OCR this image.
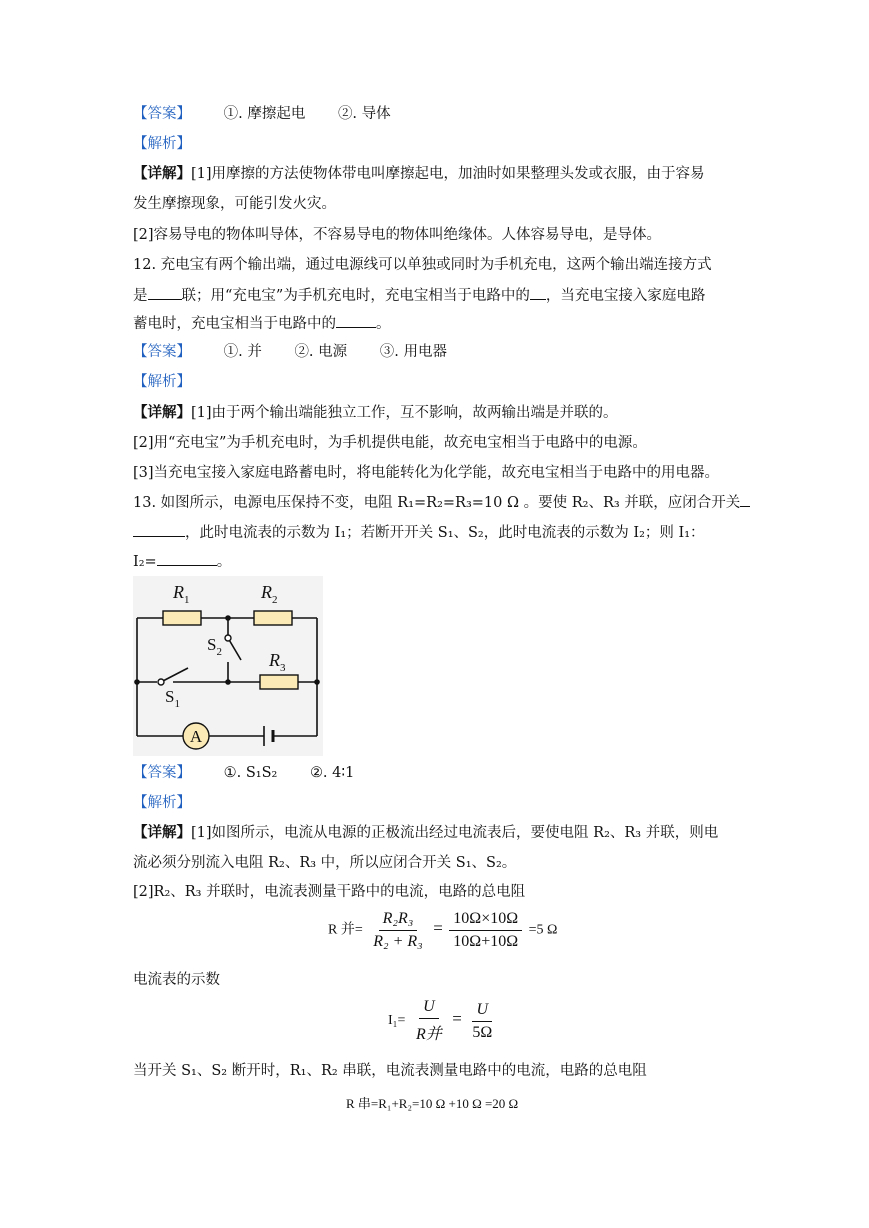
【答案】 ①. 摩擦起电 ②. 导体
【解析】
【详解】[1]用摩擦的方法使物体带电叫摩擦起电，加油时如果整理头发或衣服，由于容易
发生摩擦现象，可能引发火灾。
[2]容易导电的物体叫导体，不容易导电的物体叫绝缘体。人体容易导电，是导体。
12. 充电宝有两个输出端，通过电源线可以单独或同时为手机充电，这两个输出端连接方式
是 联；用“充电宝”为手机充电时，充电宝相当于电路中的 ，当充电宝接入家庭电路
蓄电时，充电宝相当于电路中的	。
【答案】 ①. 并 ②. 电源 ③. 用电器
【解析】
【详解】[1]由于两个输出端能独立工作，互不影响，故两输出端是并联的。
[2]用“充电宝”为手机充电时，为手机提供电能，故充电宝相当于电路中的电源。
[3]当充电宝接入家庭电路蓄电时，将电能转化为化学能，故充电宝相当于电路中的用电器。
13. 如图所示，电源电压保持不变，电阻 R₁=R₂=R₃=10 Ω 。要使 R₂、R₃ 并联，应闭合开关
，此时电流表的示数为 I₁；若断开开关 S₁、S₂，此时电流表的示数为 I₂；则 I₁：
I₂=	。
A
$R_1$	$R_2$
$R_3$
$S_2$
$S_1$
【答案】 ①. S₁S₂ ②. 4∶1
【解析】
【详解】[1]如图所示，电流从电源的正极流出经过电流表后，要使电阻 R₂、R₃ 并联，则电
流必须分别流入电阻 R₂、R₃ 中，所以应闭合开关 S₁、S₂。
[2]R₂、R₃ 并联时，电流表测量干路中的电流，电路的总电阻
R 并= $\frac{\text{R₂R₃}}{\text{R₂ + R₃}} = \frac{10\Omega\times 10\Omega}{10\Omega+10\Omega} =5$ Ω
电流表的示数
$I_1= \frac{U}{\text{R并}} = \frac{U}{5\Omega}$
当开关 S₁、S₂ 断开时，R₁、R₂ 串联，电流表测量电路中的电流，电路的总电阻
R 串=R₁+R₂=10 Ω +10 Ω =20 Ω
